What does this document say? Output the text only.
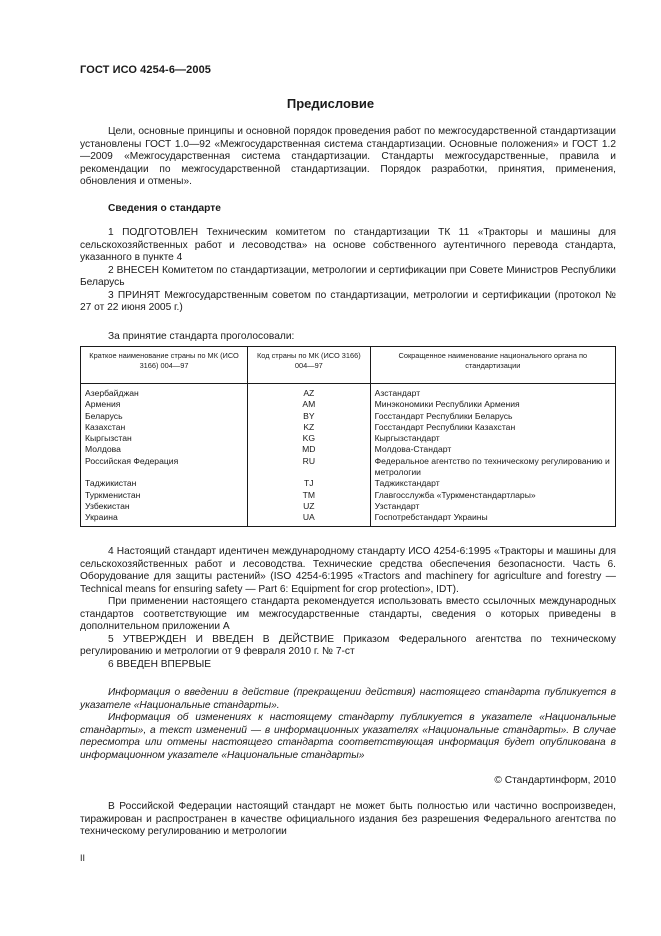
ГОСТ ИСО 4254-6—2005
Предисловие

Цели, основные принципы и основной порядок проведения работ по межгосударственной стандартизации установлены ГОСТ 1.0—92 «Межгосударственная система стандартизации. Основные положения» и ГОСТ 1.2—2009 «Межгосударственная система стандартизации. Стандарты межгосударственные, правила и рекомендации по межгосударственной стандартизации. Порядок разработки, принятия, применения, обновления и отмены».

Сведения о стандарте

1 ПОДГОТОВЛЕН Техническим комитетом по стандартизации ТК 11 «Тракторы и машины для сельскохозяйственных работ и лесоводства» на основе собственного аутентичного перевода стандарта, указанного в пункте 4

2 ВНЕСЕН Комитетом по стандартизации, метрологии и сертификации при Совете Министров Республики Беларусь

3 ПРИНЯТ Межгосударственным советом по стандартизации, метрологии и сертификации (протокол № 27 от 22 июня 2005 г.)

За принятие стандарта проголосовали:
Краткое наименование страны по МК (ИСО 3166) 004—97	Код страны по МК (ИСО 3166) 004—97	Сокращенное наименование национального органа по стандартизации
Азербайджан	AZ	Азстандарт
Армения	AM	Минэкономики Республики Армения
Беларусь	BY	Госстандарт Республики Беларусь
Казахстан	KZ	Госстандарт Республики Казахстан
Кыргызстан	KG	Кыргызстандарт
Молдова	MD	Молдова-Стандарт
Российская Федерация	RU	Федеральное агентство по техническому регулированию и метрологии
Таджикистан	TJ	Таджикстандарт
Туркменистан	TM	Главгосслужба «Туркменстандартлары»
Узбекистан	UZ	Узстандарт
Украина	UA	Госпотребстандарт Украины

4 Настоящий стандарт идентичен международному стандарту ИСО 4254-6:1995 «Тракторы и машины для сельскохозяйственных работ и лесоводства. Технические средства обеспечения безопасности. Часть 6. Оборудование для защиты растений» (ISO 4254-6:1995 «Tractors and machinery for agriculture and forestry — Technical means for ensuring safety — Part 6: Equipment for crop protection», IDT).

При применении настоящего стандарта рекомендуется использовать вместо ссылочных международных стандартов соответствующие им межгосударственные стандарты, сведения о которых приведены в дополнительном приложении А

5 УТВЕРЖДЕН И ВВЕДЕН В ДЕЙСТВИЕ Приказом Федерального агентства по техническому регулированию и метрологии от 9 февраля 2010 г. № 7-ст

6 ВВЕДЕН ВПЕРВЫЕ

Информация о введении в действие (прекращении действия) настоящего стандарта публикуется в указателе «Национальные стандарты».

Информация об изменениях к настоящему стандарту публикуется в указателе «Национальные стандарты», а текст изменений — в информационных указателях «Национальные стандарты». В случае пересмотра или отмены настоящего стандарта соответствующая информация будет опубликована в информационном указателе «Национальные стандарты»

© Стандартинформ, 2010

В Российской Федерации настоящий стандарт не может быть полностью или частично воспроизведен, тиражирован и распространен в качестве официального издания без разрешения Федерального агентства по техническому регулированию и метрологии

II
